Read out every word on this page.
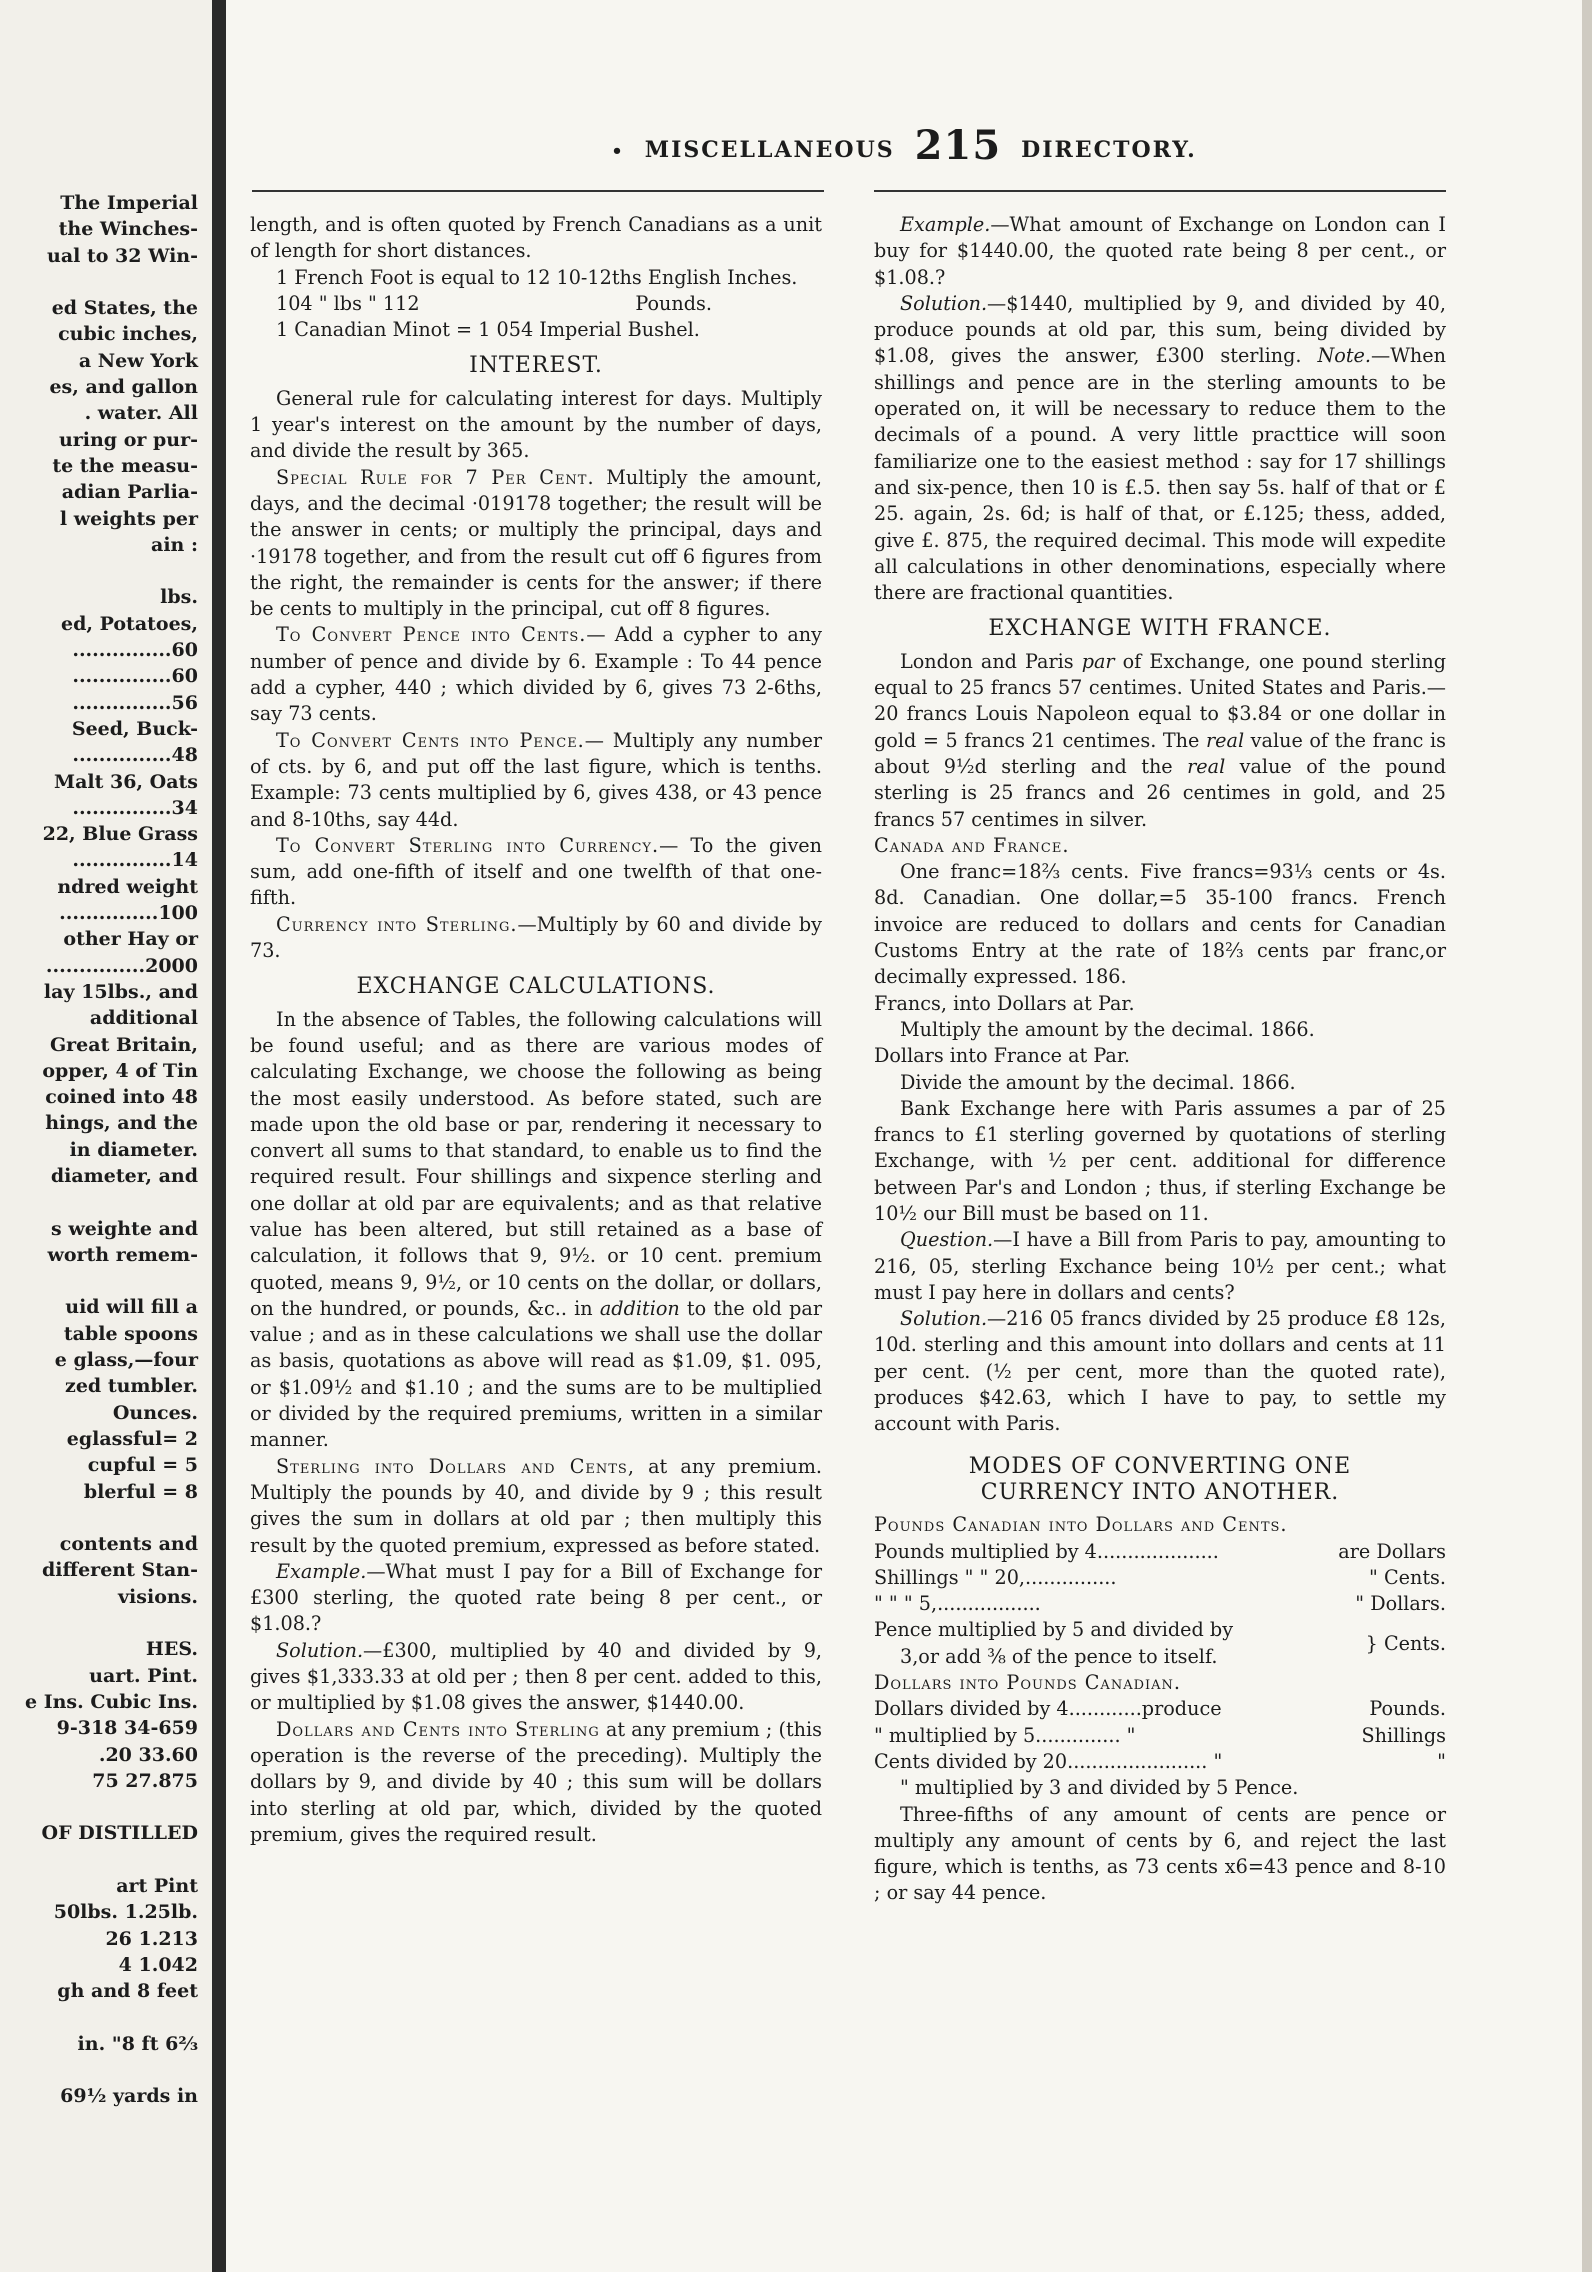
The Imperial
the Winches-
ual to 32 Win-
ed States, the
cubic inches,
a New York
es, and gallon
. water. All
uring or pur-
te the measu-
adian Parlia-
l weights per
ain :
lbs.
ed, Potatoes,
...............60
...............60
...............56
Seed, Buck-
...............48
Malt 36, Oats
...............34
22, Blue Grass
...............14
ndred weight
...............100
other Hay or
...............2000
lay 15lbs., and
additional
Great Britain,
opper, 4 of Tin
coined into 48
hings, and the
in diameter.
diameter, and
s weighte and
worth remem-
uid will fill a
table spoons
e glass,—four
zed tumbler.
Ounces.
eglassful= 2
cupful = 5
blerful = 8
contents and
different Stan-
visions.
HES.
uart. Pint.
e Ins. Cubic Ins.
9-318 34-659
.20 33.60
75 27.875
OF DISTILLED
art Pint
50lbs. 1.25lb.
26 1.213
4 1.042
gh and 8 feet
in. "8 ft 6⅔
69½ yards in
• MISCELLANEOUS 215 DIRECTORY.

length, and is often quoted by French Canadians as a unit of length for short distances.

1 French Foot is equal to 12 10-12ths English Inches.

104 " lbs " 112	Pounds.

1 Canadian Minot = 1 054 Imperial Bushel.

INTEREST.

General rule for calculating interest for days. Multiply 1 year's interest on the amount by the number of days, and divide the result by 365.

Special Rule for 7 Per Cent. Multiply the amount, days, and the decimal ·019178 together; the result will be the answer in cents; or multiply the principal, days and ·19178 together, and from the result cut off 6 figures from the right, the remainder is cents for the answer; if there be cents to multiply in the principal, cut off 8 figures.

To Convert Pence into Cents.— Add a cypher to any number of pence and divide by 6. Example : To 44 pence add a cypher, 440 ; which divided by 6, gives 73 2-6ths, say 73 cents.

To Convert Cents into Pence.— Multiply any number of cts. by 6, and put off the last figure, which is tenths. Example: 73 cents multiplied by 6, gives 438, or 43 pence and 8-10ths, say 44d.

To Convert Sterling into Currency.— To the given sum, add one-fifth of itself and one twelfth of that one-fifth.

Currency into Sterling.—Multiply by 60 and divide by 73.

EXCHANGE CALCULATIONS.

In the absence of Tables, the following calculations will be found useful; and as there are various modes of calculating Exchange, we choose the following as being the most easily understood. As before stated, such are made upon the old base or par, rendering it necessary to convert all sums to that standard, to enable us to find the required result. Four shillings and sixpence sterling and one dollar at old par are equivalents; and as that relative value has been altered, but still retained as a base of calculation, it follows that 9, 9½. or 10 cent. premium quoted, means 9, 9½, or 10 cents on the dollar, or dollars, on the hundred, or pounds, &c.. in addition to the old par value ; and as in these calculations we shall use the dollar as basis, quotations as above will read as $1.09, $1. 095, or $1.09½ and $1.10 ; and the sums are to be multiplied or divided by the required premiums, written in a similar manner.

Sterling into Dollars and Cents, at any premium. Multiply the pounds by 40, and divide by 9 ; this result gives the sum in dollars at old par ; then multiply this result by the quoted premium, expressed as before stated.

Example.—What must I pay for a Bill of Exchange for £300 sterling, the quoted rate being 8 per cent., or $1.08.?

Solution.—£300, multiplied by 40 and divided by 9, gives $1,333.33 at old per ; then 8 per cent. added to this, or multiplied by $1.08 gives the answer, $1440.00.

Dollars and Cents into Sterling at any premium ; (this operation is the reverse of the preceding). Multiply the dollars by 9, and divide by 40 ; this sum will be dollars into sterling at old par, which, divided by the quoted premium, gives the required result.

Example.—What amount of Exchange on London can I buy for $1440.00, the quoted rate being 8 per cent., or $1.08.?

Solution.—$1440, multiplied by 9, and divided by 40, produce pounds at old par, this sum, being divided by $1.08, gives the answer, £300 sterling. Note.—When shillings and pence are in the sterling amounts to be operated on, it will be necessary to reduce them to the decimals of a pound. A very little practtice will soon familiarize one to the easiest method : say for 17 shillings and six-pence, then 10 is £.5. then say 5s. half of that or £ 25. again, 2s. 6d; is half of that, or £.125; thess, added, give £. 875, the required decimal. This mode will expedite all calculations in other denominations, especially where there are fractional quantities.

EXCHANGE WITH FRANCE.

London and Paris par of Exchange, one pound sterling equal to 25 francs 57 centimes. United States and Paris.—20 francs Louis Napoleon equal to $3.84 or one dollar in gold = 5 francs 21 centimes. The real value of the franc is about 9½d sterling and the real value of the pound sterling is 25 francs and 26 centimes in gold, and 25 francs 57 centimes in silver.

Canada and France.

One franc=18⅔ cents. Five francs=93⅓ cents or 4s. 8d. Canadian. One dollar,=5 35-100 francs. French invoice are reduced to dollars and cents for Canadian Customs Entry at the rate of 18⅔ cents par franc,or decimally expressed. 186.

Francs, into Dollars at Par.

Multiply the amount by the decimal. 1866.

Dollars into France at Par.

Divide the amount by the decimal. 1866.

Bank Exchange here with Paris assumes a par of 25 francs to £1 sterling governed by quotations of sterling Exchange, with ½ per cent. additional for difference between Par's and London ; thus, if sterling Exchange be 10½ our Bill must be based on 11.

Question.—I have a Bill from Paris to pay, amounting to 216, 05, sterling Exchance being 10½ per cent.; what must I pay here in dollars and cents?

Solution.—216 05 francs divided by 25 produce £8 12s, 10d. sterling and this amount into dollars and cents at 11 per cent. (½ per cent, more than the quoted rate), produces $42.63, which I have to pay, to settle my account with Paris.

MODES OF CONVERTING ONE CURRENCY INTO ANOTHER.

Pounds Canadian into Dollars and Cents.

Pounds multiplied by 4....................	are Dollars
Shillings " " 20,...............	" Cents.
" " " 5,.................	" Dollars.
Pence multiplied by 5 and divided by
3,or add ⅜ of the pence to itself.	} Cents.

Dollars into Pounds Canadian.

Dollars divided by 4............produce	Pounds.
" multiplied by 5.............. "	Shillings
Cents divided by 20....................... "	"

" multiplied by 3 and divided by 5 Pence.

Three-fifths of any amount of cents are pence or multiply any amount of cents by 6, and reject the last figure, which is tenths, as 73 cents x6=43 pence and 8-10 ; or say 44 pence.
